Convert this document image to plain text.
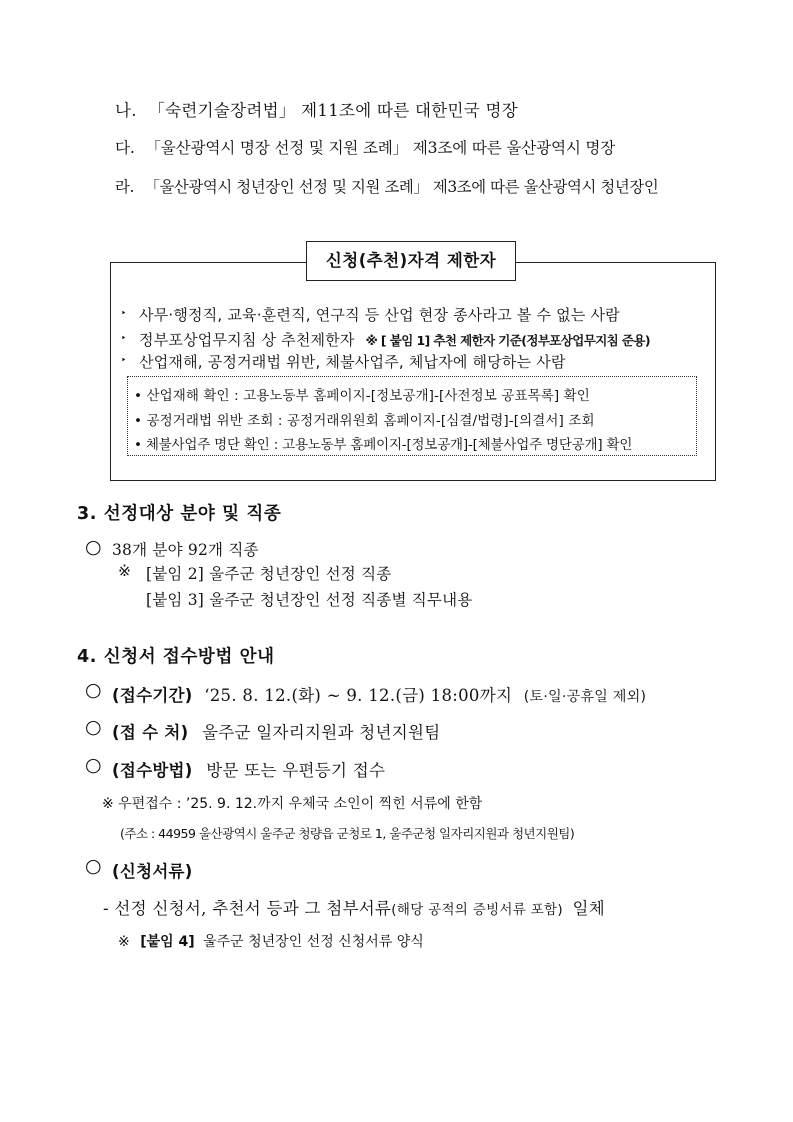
나. 「숙련기술장려법」 제11조에 따른 대한민국 명장
다. 「울산광역시 명장 선정 및 지원 조례」 제3조에 따른 울산광역시 명장
라. 「울산광역시 청년장인 선정 및 지원 조례」 제3조에 따른 울산광역시 청년장인
신청(추천)자격 제한자
‣ 사무·행정직, 교육·훈련직, 연구직 등 산업 현장 종사라고 볼 수 없는 사람
‣ 정부포상업무지침 상 추천제한자 ※ [ 붙임 1] 추천 제한자 기준(정부포상업무지침 준용)
‣ 산업재해, 공정거래법 위반, 체불사업주, 체납자에 해당하는 사람
• 산업재해 확인 : 고용노동부 홈페이지-[정보공개]-[사전정보 공표목록] 확인
• 공정거래법 위반 조회 : 공정거래위원회 홈페이지-[심결/법령]-[의결서] 조회
• 체불사업주 명단 확인 : 고용노동부 홈페이지-[정보공개]-[체불사업주 명단공개] 확인
3. 선정대상 분야 및 직종
○ 38개 분야 92개 직종
※ [붙임 2] 울주군 청년장인 선정 직종
[붙임 3] 울주군 청년장인 선정 직종별 직무내용
4. 신청서 접수방법 안내
○ (접수기간) ‘25. 8. 12.(화) ~ 9. 12.(금) 18:00까지 (토·일·공휴일 제외)
○ (접 수 처) 울주군 일자리지원과 청년지원팀
○ (접수방법) 방문 또는 우편등기 접수
※ 우편접수 : ’25. 9. 12.까지 우체국 소인이 찍힌 서류에 한함
(주소 : 44959 울산광역시 울주군 청량읍 군청로 1, 울주군청 일자리지원과 청년지원팀)
○ (신청서류)
- 선정 신청서, 추천서 등과 그 첨부서류(해당 공적의 증빙서류 포함) 일체
※ [붙임 4] 울주군 청년장인 선정 신청서류 양식
